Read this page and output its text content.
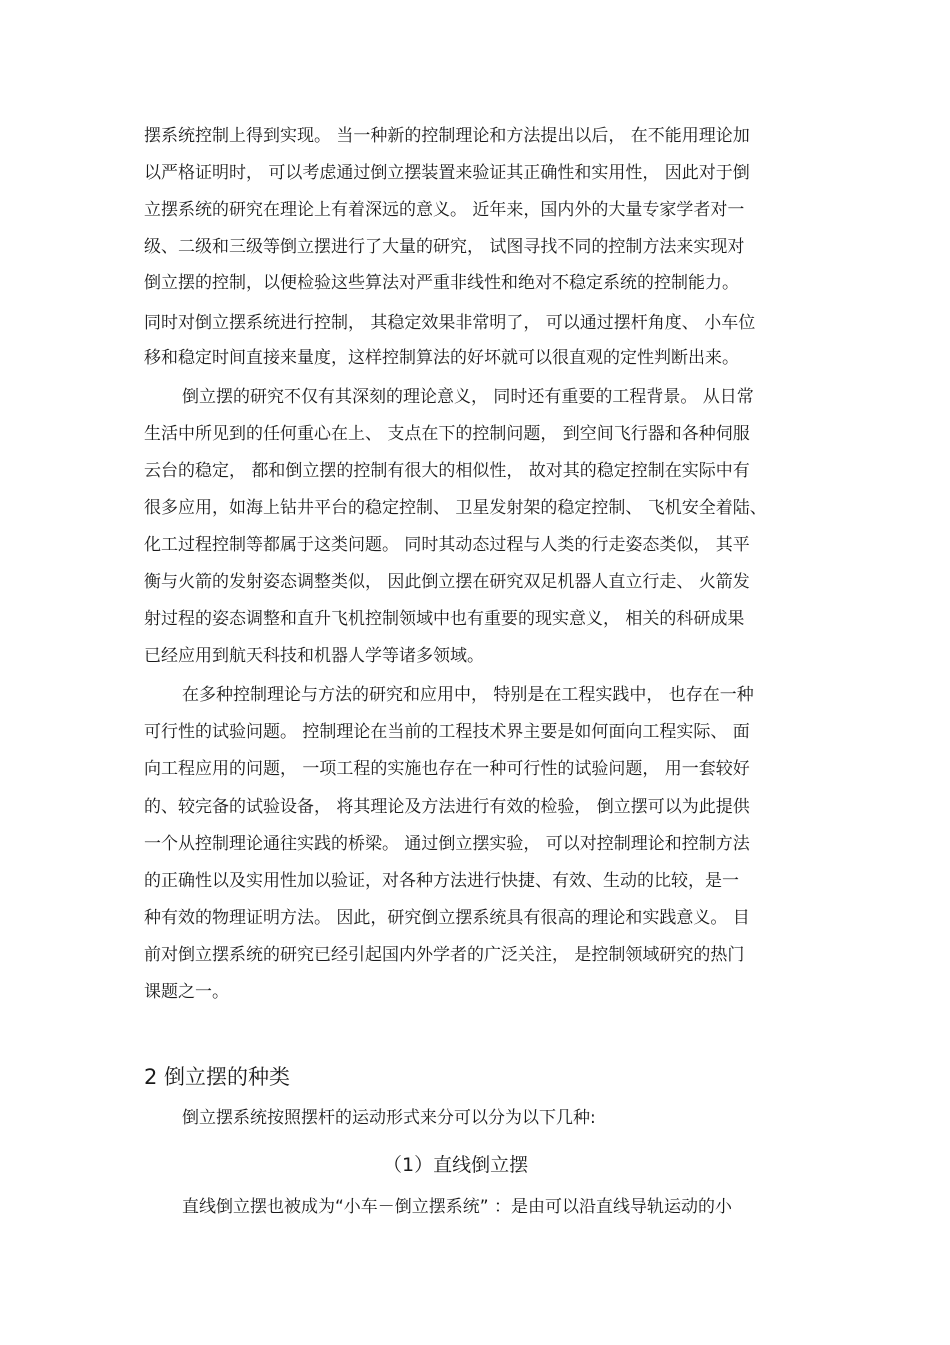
摆系统控制上得到实现。 当一种新的控制理论和方法提出以后， 在不能用理论加
以严格证明时， 可以考虑通过倒立摆装置来验证其正确性和实用性， 因此对于倒
立摆系统的研究在理论上有着深远的意义。 近年来，国内外的大量专家学者对一
级、二级和三级等倒立摆进行了大量的研究， 试图寻找不同的控制方法来实现对
倒立摆的控制，以便检验这些算法对严重非线性和绝对不稳定系统的控制能力。
同时对倒立摆系统进行控制， 其稳定效果非常明了， 可以通过摆杆角度、 小车位
移和稳定时间直接来量度，这样控制算法的好坏就可以很直观的定性判断出来。
倒立摆的研究不仅有其深刻的理论意义， 同时还有重要的工程背景。 从日常
生活中所见到的任何重心在上、 支点在下的控制问题， 到空间飞行器和各种伺服
云台的稳定， 都和倒立摆的控制有很大的相似性， 故对其的稳定控制在实际中有
很多应用，如海上钻井平台的稳定控制、 卫星发射架的稳定控制、 飞机安全着陆、
化工过程控制等都属于这类问题。 同时其动态过程与人类的行走姿态类似， 其平
衡与火箭的发射姿态调整类似， 因此倒立摆在研究双足机器人直立行走、 火箭发
射过程的姿态调整和直升飞机控制领域中也有重要的现实意义， 相关的科研成果
已经应用到航天科技和机器人学等诸多领域。
在多种控制理论与方法的研究和应用中， 特别是在工程实践中， 也存在一种
可行性的试验问题。 控制理论在当前的工程技术界主要是如何面向工程实际、 面
向工程应用的问题， 一项工程的实施也存在一种可行性的试验问题， 用一套较好
的、较完备的试验设备， 将其理论及方法进行有效的检验， 倒立摆可以为此提供
一个从控制理论通往实践的桥梁。 通过倒立摆实验， 可以对控制理论和控制方法
的正确性以及实用性加以验证，对各种方法进行快捷、有效、生动的比较，是一
种有效的物理证明方法。 因此，研究倒立摆系统具有很高的理论和实践意义。 目
前对倒立摆系统的研究已经引起国内外学者的广泛关注， 是控制领域研究的热门
课题之一。
2 倒立摆的种类
倒立摆系统按照摆杆的运动形式来分可以分为以下几种:
（1）直线倒立摆
直线倒立摆也被成为“小车－倒立摆系统” ：是由可以沿直线导轨运动的小
